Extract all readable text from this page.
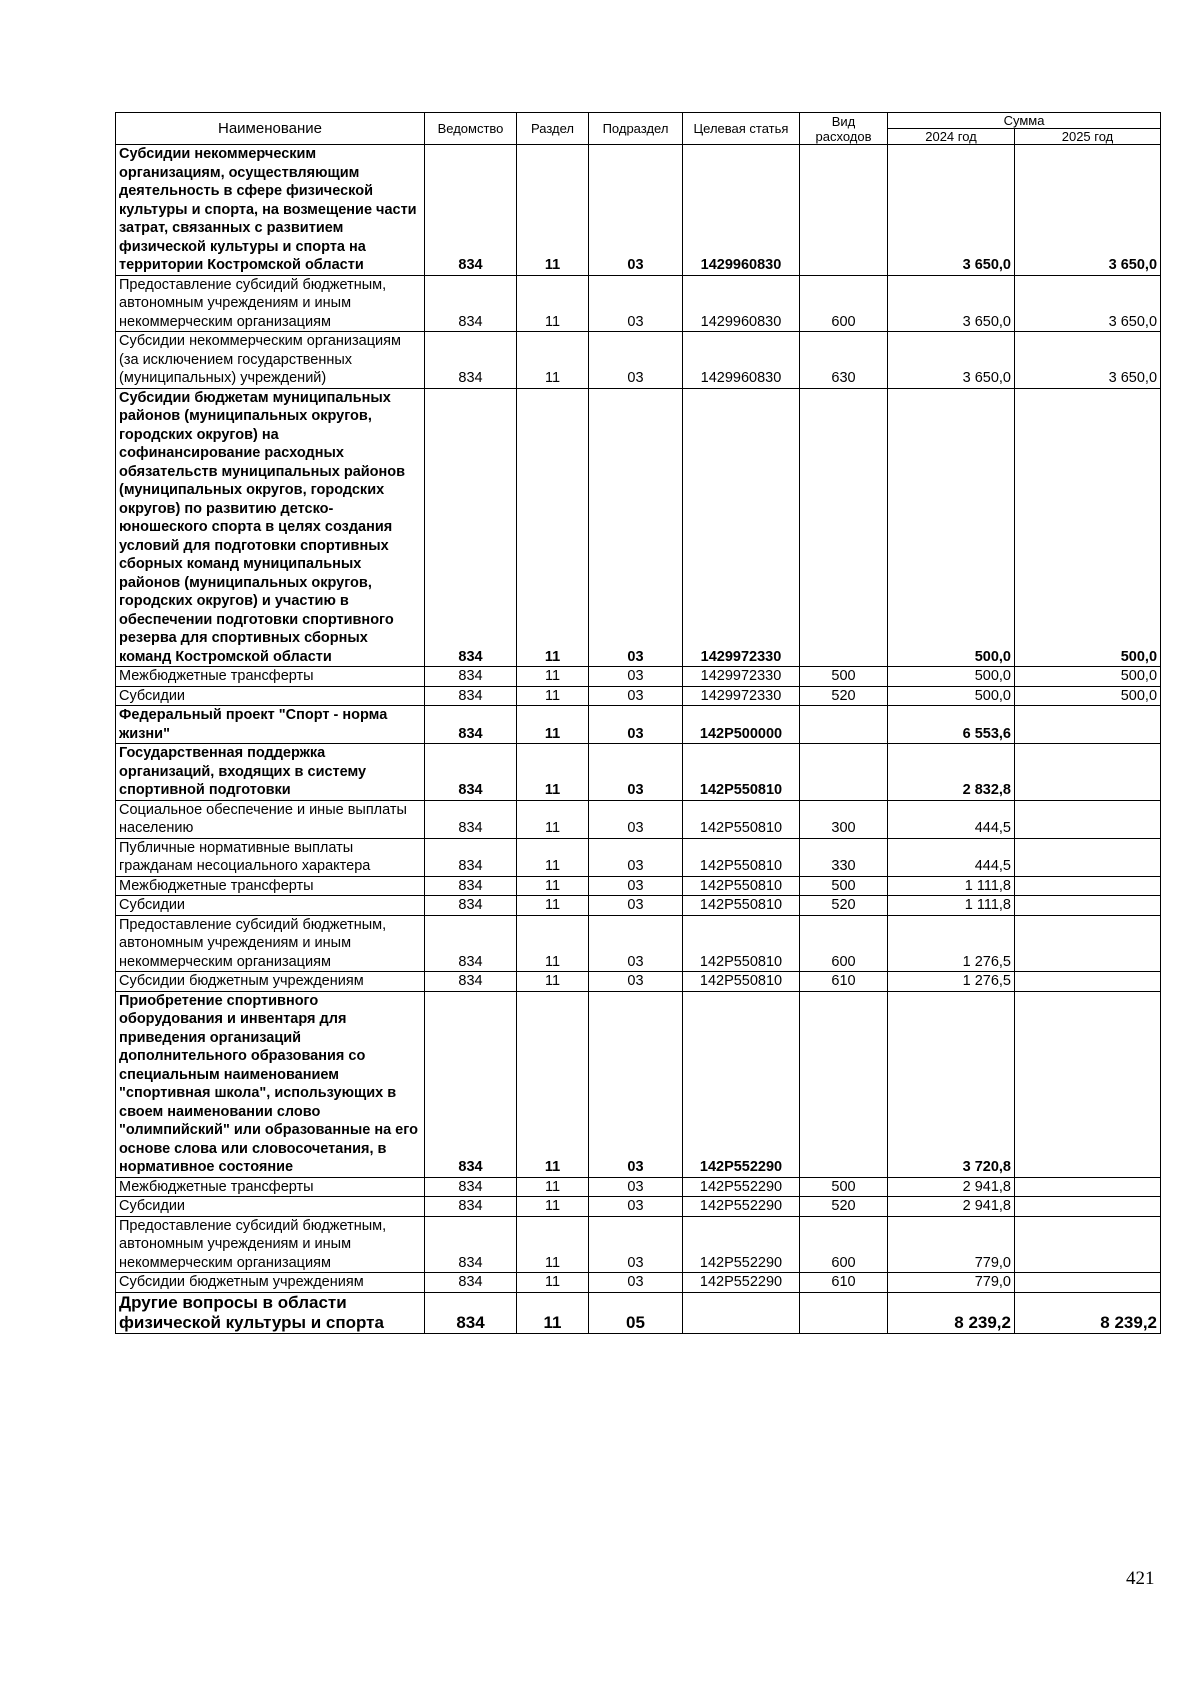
Наименование	Ведомство	Раздел	Подраздел	Целевая статья	Вид расходов	Сумма	
						2024 год	2025 год
Субсидии некоммерческим организациям, осуществляющим деятельность в сфере физической культуры и спорта, на возмещение части затрат, связанных с развитием физической культуры и спорта на территории Костромской области	834	11	03	1429960830		3 650,0	3 650,0
Предоставление субсидий бюджетным, автономным учреждениям и иным некоммерческим организациям	834	11	03	1429960830	600	3 650,0	3 650,0
Субсидии некоммерческим организациям (за исключением государственных (муниципальных) учреждений)	834	11	03	1429960830	630	3 650,0	3 650,0
Субсидии бюджетам муниципальных районов (муниципальных округов, городских округов) на софинансирование расходных обязательств муниципальных районов (муниципальных округов, городских округов) по развитию детско-юношеского спорта в целях создания условий для подготовки спортивных сборных команд муниципальных районов (муниципальных округов, городских округов) и участию в обеспечении подготовки спортивного резерва для спортивных сборных команд Костромской области	834	11	03	1429972330		500,0	500,0
Межбюджетные трансферты	834	11	03	1429972330	500	500,0	500,0
Субсидии	834	11	03	1429972330	520	500,0	500,0
Федеральный проект "Спорт - норма жизни"	834	11	03	142P500000		6 553,6	
Государственная поддержка организаций, входящих в систему спортивной подготовки	834	11	03	142P550810		2 832,8	
Социальное обеспечение и иные выплаты населению	834	11	03	142P550810	300	444,5	
Публичные нормативные выплаты гражданам несоциального характера	834	11	03	142P550810	330	444,5	
Межбюджетные трансферты	834	11	03	142P550810	500	1 111,8	
Субсидии	834	11	03	142P550810	520	1 111,8	
Предоставление субсидий бюджетным, автономным учреждениям и иным некоммерческим организациям	834	11	03	142P550810	600	1 276,5	
Субсидии бюджетным учреждениям	834	11	03	142P550810	610	1 276,5	
Приобретение спортивного оборудования и инвентаря для приведения организаций дополнительного образования со специальным наименованием "спортивная школа", использующих в своем наименовании слово "олимпийский" или образованные на его основе слова или словосочетания, в нормативное состояние	834	11	03	142P552290		3 720,8	
Межбюджетные трансферты	834	11	03	142P552290	500	2 941,8	
Субсидии	834	11	03	142P552290	520	2 941,8	
Предоставление субсидий бюджетным, автономным учреждениям и иным некоммерческим организациям	834	11	03	142P552290	600	779,0	
Субсидии бюджетным учреждениям	834	11	03	142P552290	610	779,0	
Другие вопросы в области физической культуры и спорта	834	11	05			8 239,2	8 239,2
421
